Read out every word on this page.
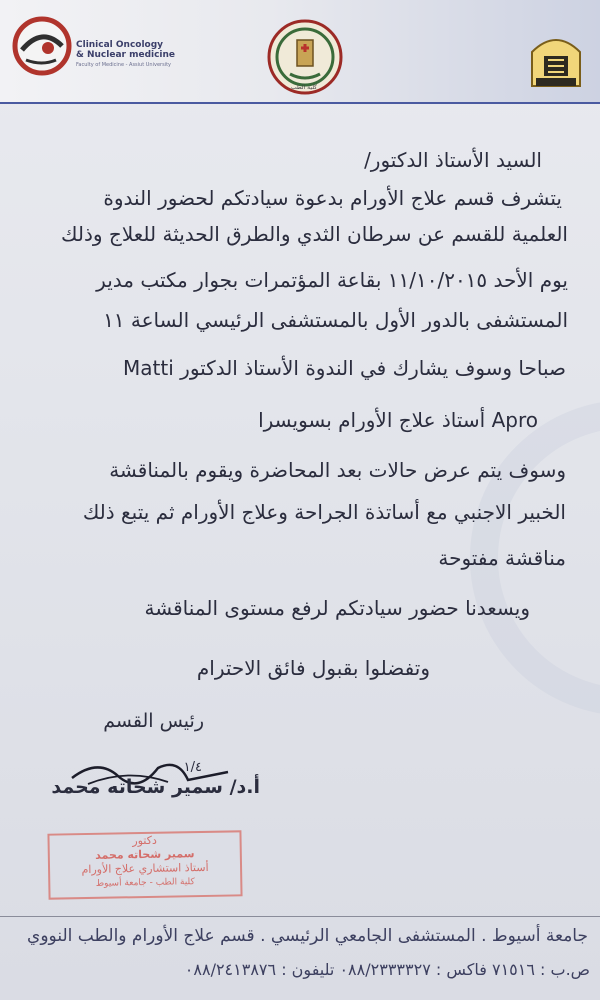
Clinical Oncology
& Nuclear medicine
Faculty of Medicine - Assiut University
كلية الطب
السيد الأستاذ الدكتور/
يتشرف قسم علاج الأورام بدعوة سيادتكم لحضور الندوة
العلمية للقسم عن سرطان الثدي والطرق الحديثة للعلاج وذلك
يوم الأحد ١١/١٠/٢٠١٥ بقاعة المؤتمرات بجوار مكتب مدير
المستشفى بالدور الأول بالمستشفى الرئيسي الساعة ١١
صباحا وسوف يشارك في الندوة الأستاذ الدكتور Matti
Apro أستاذ علاج الأورام بسويسرا
وسوف يتم عرض حالات بعد المحاضرة ويقوم بالمناقشة
الخبير الاجنبي مع أساتذة الجراحة وعلاج الأورام ثم يتبع ذلك
مناقشة مفتوحة
ويسعدنا حضور سيادتكم لرفع مستوى المناقشة
وتفضلوا بقبول فائق الاحترام
رئيس القسم
١/٤
أ.د/ سمير شحاته محمد
دكتور
سمير شحاته محمد
أستاذ استشاري علاج الأورام
كلية الطب - جامعة أسيوط
جامعة أسيوط . المستشفى الجامعي الرئيسي . قسم علاج الأورام والطب النووي
ص.ب : ٧١٥١٦ فاكس : ٠٨٨/٢٣٣٣٣٢٧ تليفون : ٠٨٨/٢٤١٣٨٧٦
